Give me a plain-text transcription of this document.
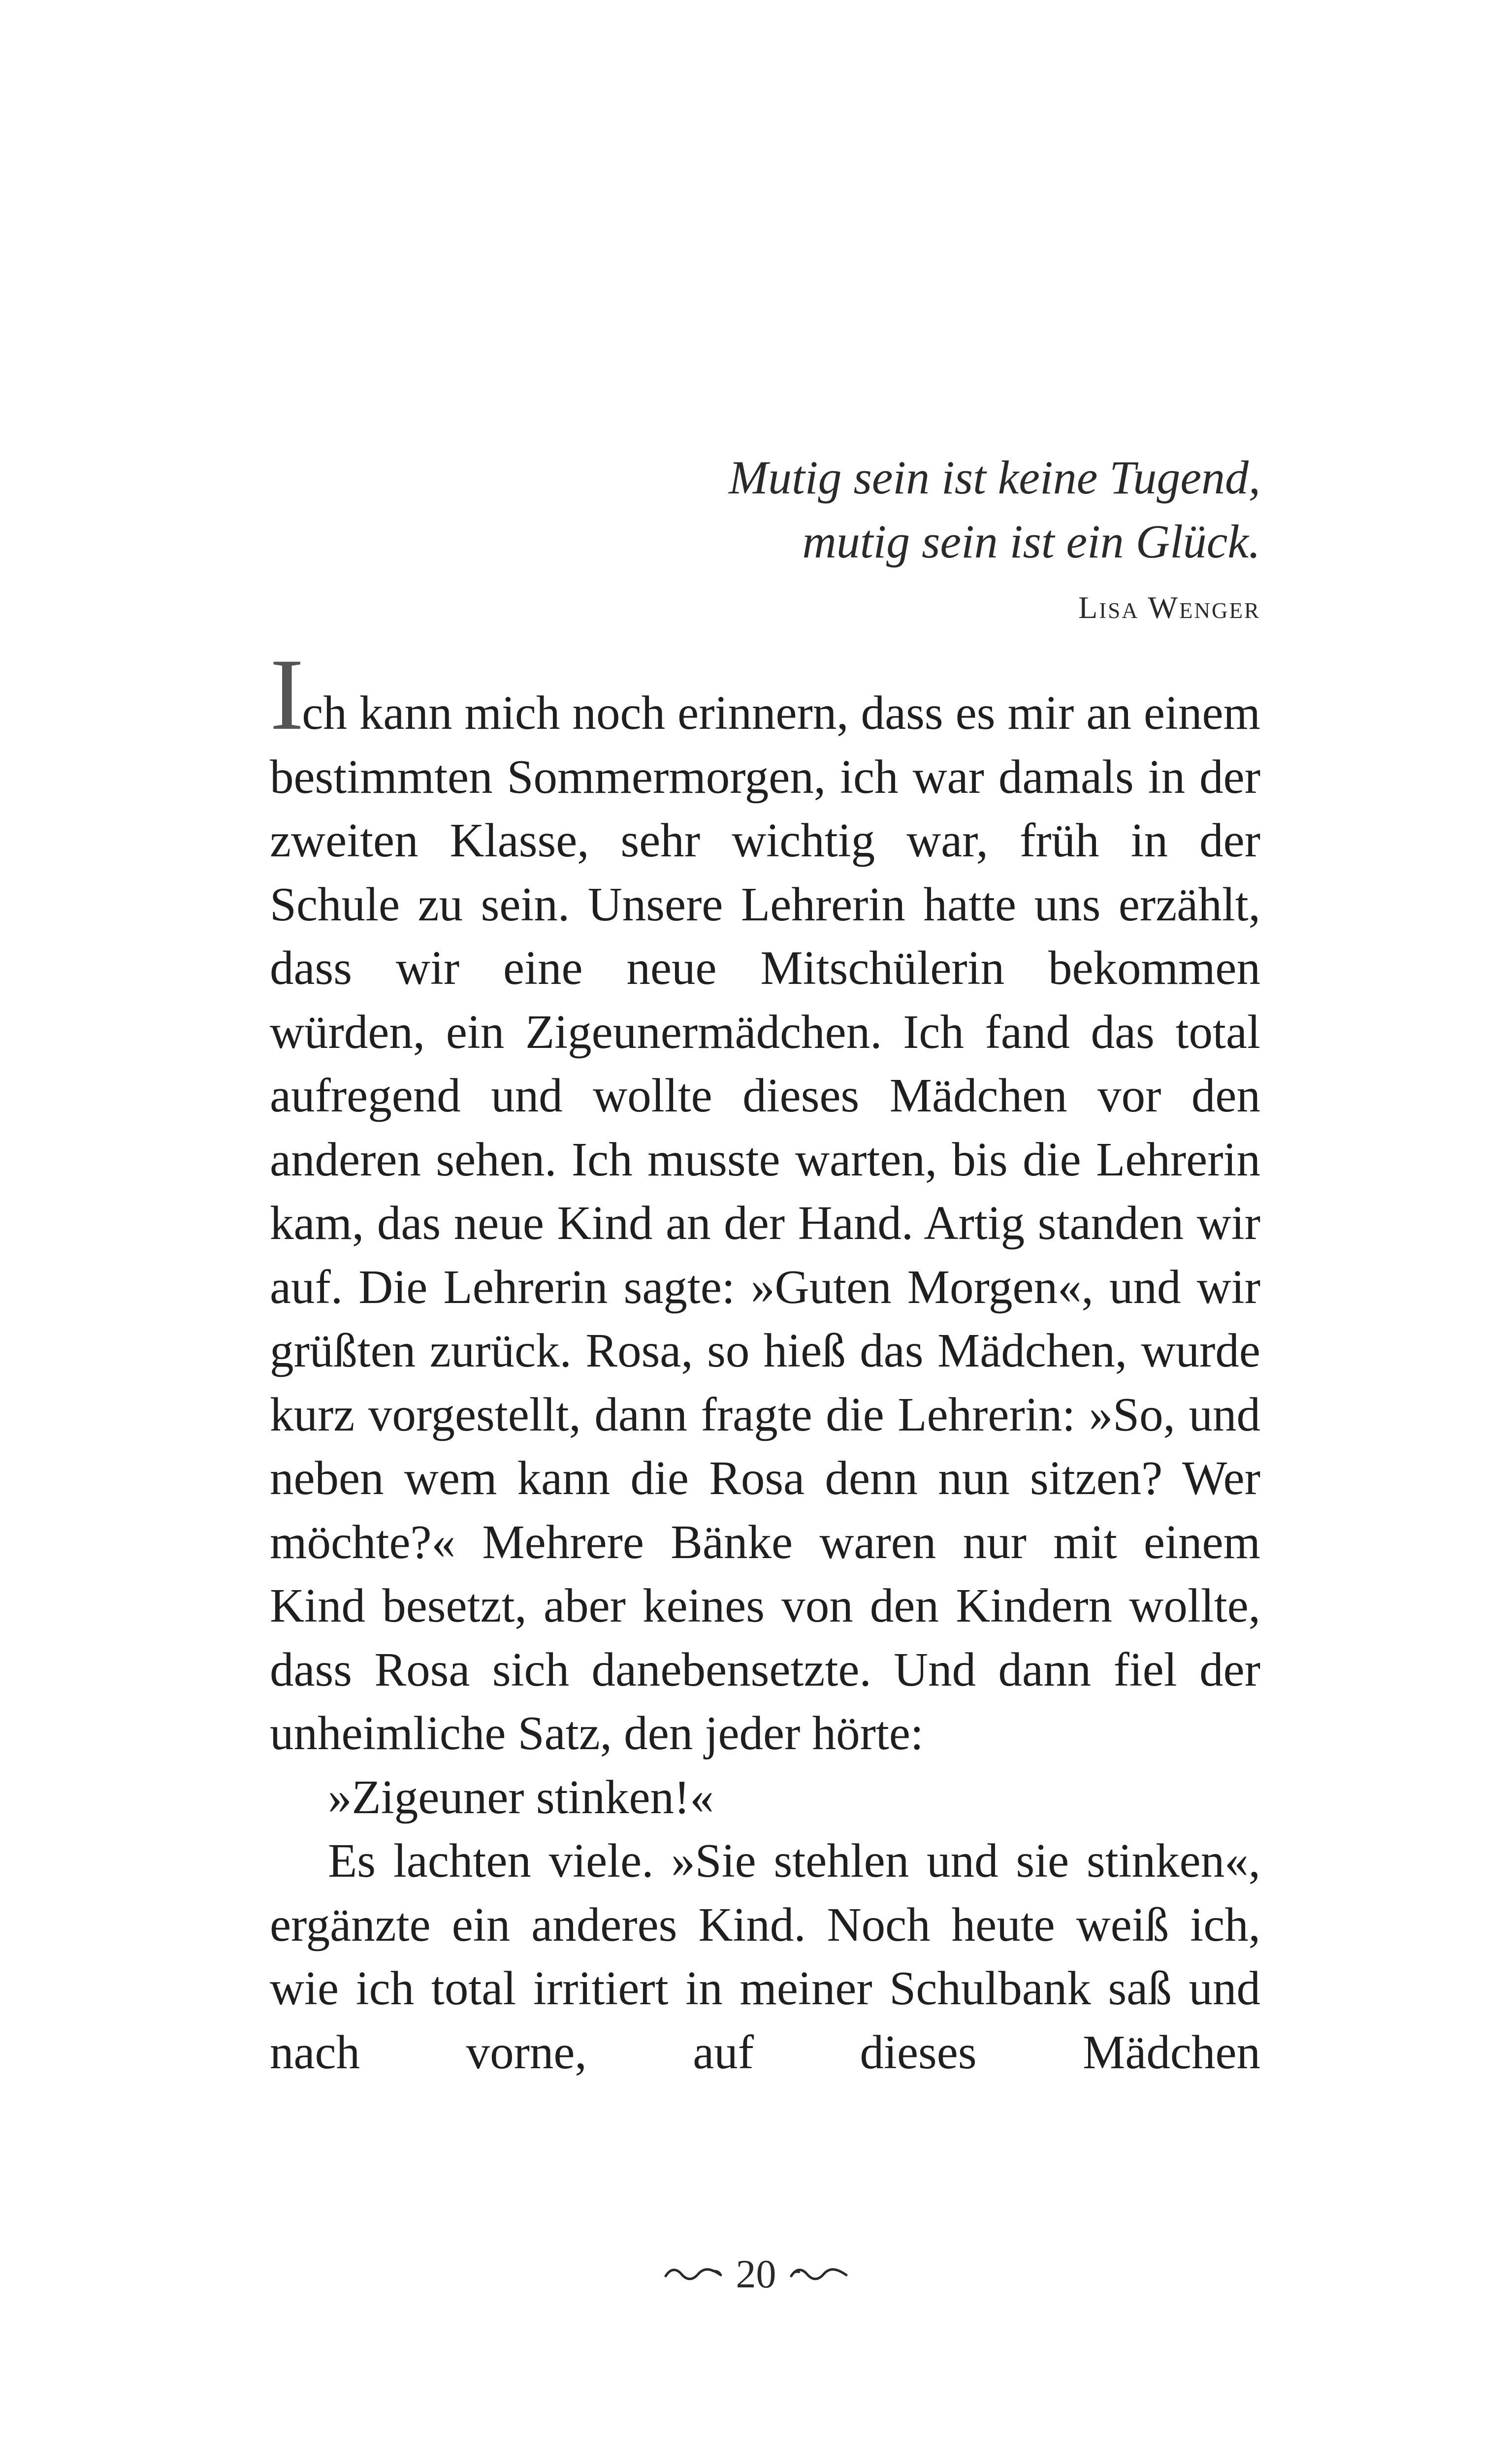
Mutig sein ist keine Tugend,
mutig sein ist ein Glück.
Lisa Wenger

Ich kann mich noch erinnern, dass es mir an einem bestimmten Sommermorgen, ich war damals in der zweiten Klasse, sehr wichtig war, früh in der Schule zu sein. Unsere Lehrerin hatte uns erzählt, dass wir eine neue Mitschülerin bekommen würden, ein Zigeunermädchen. Ich fand das total aufregend und wollte dieses Mädchen vor den anderen sehen. Ich musste warten, bis die Lehrerin kam, das neue Kind an der Hand. Artig standen wir auf. Die Lehrerin sagte: »Guten Morgen«, und wir grüßten zurück. Rosa, so hieß das Mädchen, wurde kurz vorgestellt, dann fragte die Lehrerin: »So, und neben wem kann die Rosa denn nun sitzen? Wer möchte?« Mehrere Bänke waren nur mit einem Kind besetzt, aber keines von den Kindern wollte, dass Rosa sich danebensetzte. Und dann fiel der unheimliche Satz, den jeder hörte:

»Zigeuner stinken!«

Es lachten viele. »Sie stehlen und sie stinken«, ergänzte ein anderes Kind. Noch heute weiß ich, wie ich total irritiert in meiner Schulbank saß und nach vorne, auf dieses Mädchen

20
